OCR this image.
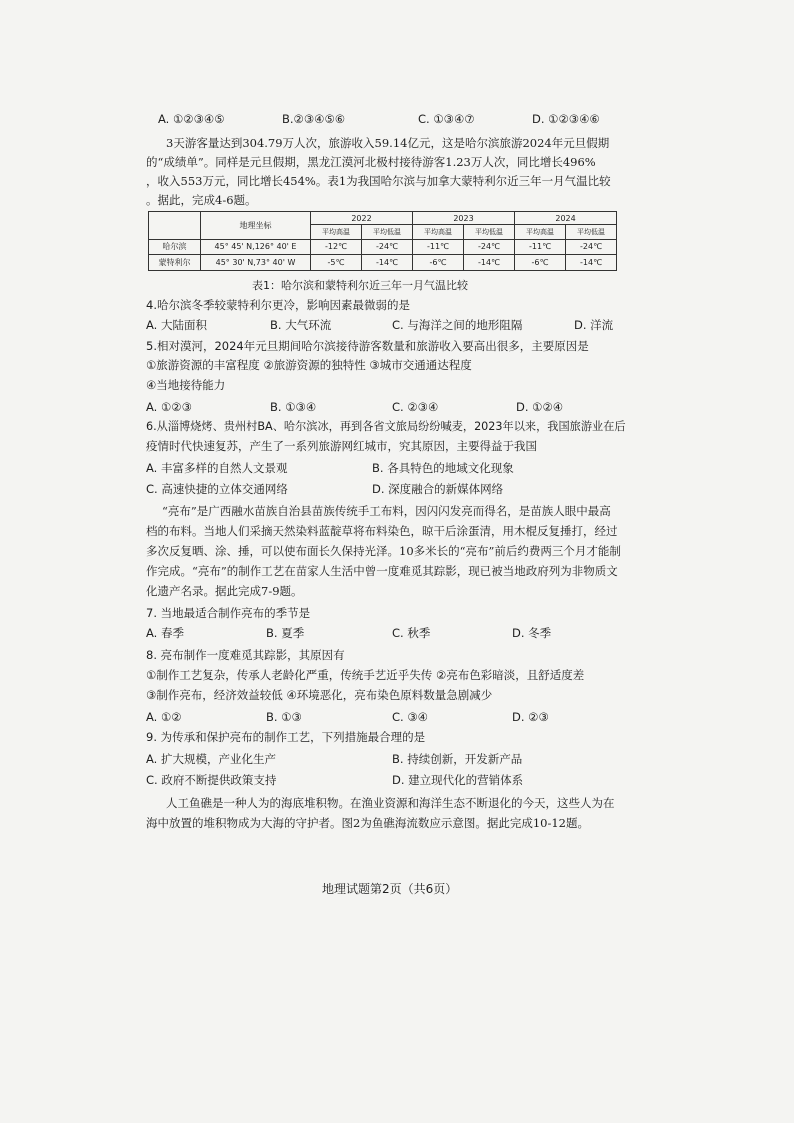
A. ①②③④⑤	B.②③④⑤⑥	C. ①③④⑦	D. ①②③④⑥
3天游客量达到304.79万人次，旅游收入59.14亿元，这是哈尔滨旅游2024年元旦假期
的“成绩单”。同样是元旦假期，黑龙江漠河北极村接待游客1.23万人次，同比增长496%
，收入553万元，同比增长454%。表1为我国哈尔滨与加拿大蒙特利尔近三年一月气温比较
。据此，完成4-6题。
	地理坐标	2022		2023		2024	
		平均高温	平均低温	平均高温	平均低温	平均高温	平均低温
哈尔滨	45° 45' N,126° 40' E	-12℃	-24℃	-11℃	-24℃	-11℃	-24℃
蒙特利尔	45° 30' N,73° 40' W	-5℃	-14℃	-6℃	-14℃	-6℃	-14℃
表1：哈尔滨和蒙特利尔近三年一月气温比较
4.哈尔滨冬季较蒙特利尔更冷，影响因素最微弱的是
A. 大陆面积	B. 大气环流	C. 与海洋之间的地形阻隔	D. 洋流
5.相对漠河，2024年元旦期间哈尔滨接待游客数量和旅游收入要高出很多，主要原因是
①旅游资源的丰富程度 ②旅游资源的独特性 ③城市交通通达程度
④当地接待能力
A. ①②③	B. ①③④	C. ②③④	D. ①②④
6.从淄博烧烤、贵州村BA、哈尔滨冰，再到各省文旅局纷纷喊麦，2023年以来，我国旅游业在后
疫情时代快速复苏，产生了一系列旅游网红城市，究其原因，主要得益于我国
A. 丰富多样的自然人文景观	B. 各具特色的地域文化现象
C. 高速快捷的立体交通网络	D. 深度融合的新媒体网络
“亮布”是广西融水苗族自治县苗族传统手工布料，因闪闪发亮而得名，是苗族人眼中最高
档的布料。当地人们采摘天然染料蓝靛草将布料染色，晾干后涂蛋清，用木棍反复捶打，经过
多次反复晒、涂、捶，可以使布面长久保持光泽。10多米长的“亮布”前后约费两三个月才能制
作完成。“亮布”的制作工艺在苗家人生活中曾一度难觅其踪影，现已被当地政府列为非物质文
化遗产名录。据此完成7-9题。
7. 当地最适合制作亮布的季节是
A. 春季	B. 夏季	C. 秋季	D. 冬季
8. 亮布制作一度难觅其踪影，其原因有
①制作工艺复杂，传承人老龄化严重，传统手艺近乎失传 ②亮布色彩暗淡，且舒适度差
③制作亮布，经济效益较低 ④环境恶化，亮布染色原料数量急剧减少
A. ①②	B. ①③	C. ③④	D. ②③
9. 为传承和保护亮布的制作工艺，下列措施最合理的是
A. 扩大规模，产业化生产	B. 持续创新，开发新产品
C. 政府不断提供政策支持	D. 建立现代化的营销体系
人工鱼礁是一种人为的海底堆积物。在渔业资源和海洋生态不断退化的今天，这些人为在
海中放置的堆积物成为大海的守护者。图2为鱼礁海流数应示意图。据此完成10-12题。
地理试题第2页（共6页）
